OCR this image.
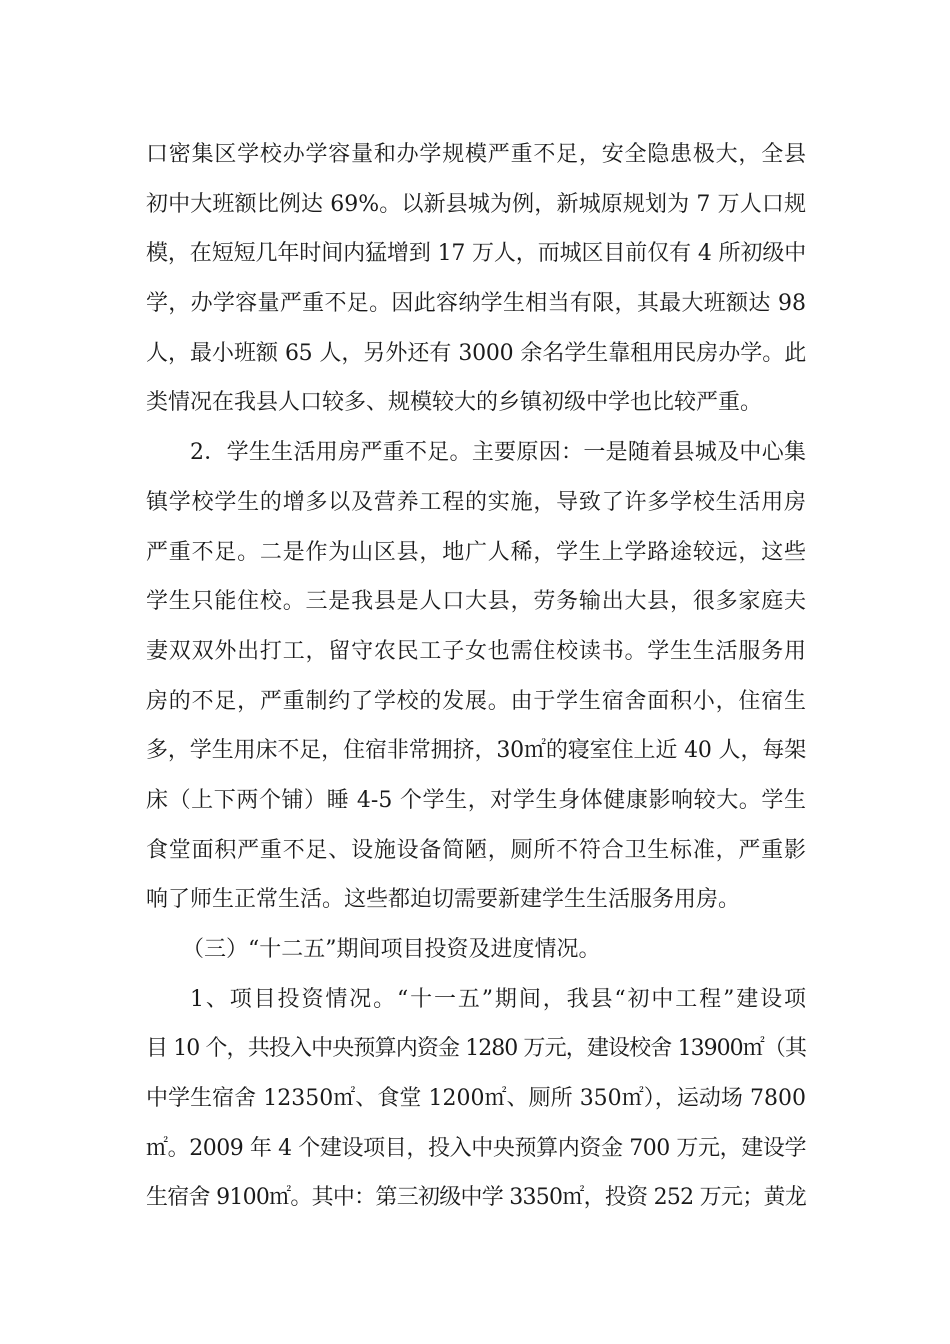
口密集区学校办学容量和办学规模严重不足，安全隐患极大，全县
初中大班额比例达 69%。以新县城为例，新城原规划为 7 万人口规
模，在短短几年时间内猛增到 17 万人，而城区目前仅有 4 所初级中
学，办学容量严重不足。因此容纳学生相当有限，其最大班额达 98
人，最小班额 65 人，另外还有 3000 余名学生靠租用民房办学。此
类情况在我县人口较多、规模较大的乡镇初级中学也比较严重。
2．学生生活用房严重不足。主要原因：一是随着县城及中心集
镇学校学生的增多以及营养工程的实施，导致了许多学校生活用房
严重不足。二是作为山区县，地广人稀，学生上学路途较远，这些
学生只能住校。三是我县是人口大县，劳务输出大县，很多家庭夫
妻双双外出打工，留守农民工子女也需住校读书。学生生活服务用
房的不足，严重制约了学校的发展。由于学生宿舍面积小，住宿生
多，学生用床不足，住宿非常拥挤，30㎡的寝室住上近 40 人，每架
床（上下两个铺）睡 4-5 个学生，对学生身体健康影响较大。学生
食堂面积严重不足、设施设备简陋，厕所不符合卫生标准，严重影
响了师生正常生活。这些都迫切需要新建学生生活服务用房。
（三）“十二五”期间项目投资及进度情况。
1、项目投资情况。“十一五”期间，我县“初中工程”建设项
目 10 个，共投入中央预算内资金 1280 万元，建设校舍 13900㎡（其
中学生宿舍 12350㎡、食堂 1200㎡、厕所 350㎡），运动场 7800
㎡。2009 年 4 个建设项目，投入中央预算内资金 700 万元，建设学
生宿舍 9100㎡。其中：第三初级中学 3350㎡，投资 252 万元；黄龙
